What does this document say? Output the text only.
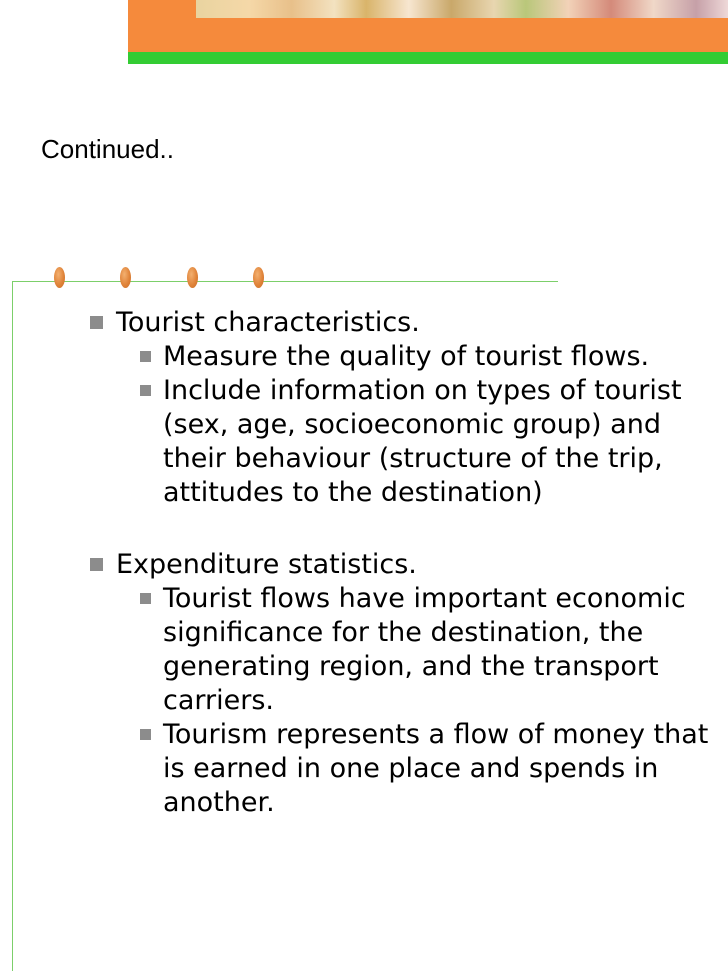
Continued..

Tourist characteristics.

Measure the quality of tourist flows.

Include information on types of tourist (sex, age, socioeconomic group) and their behaviour (structure of the trip, attitudes to the destination)

Expenditure statistics.

Tourist flows have important economic significance for the destination, the generating region, and the transport carriers.

Tourism represents a flow of money that is earned in one place and spends in another.
